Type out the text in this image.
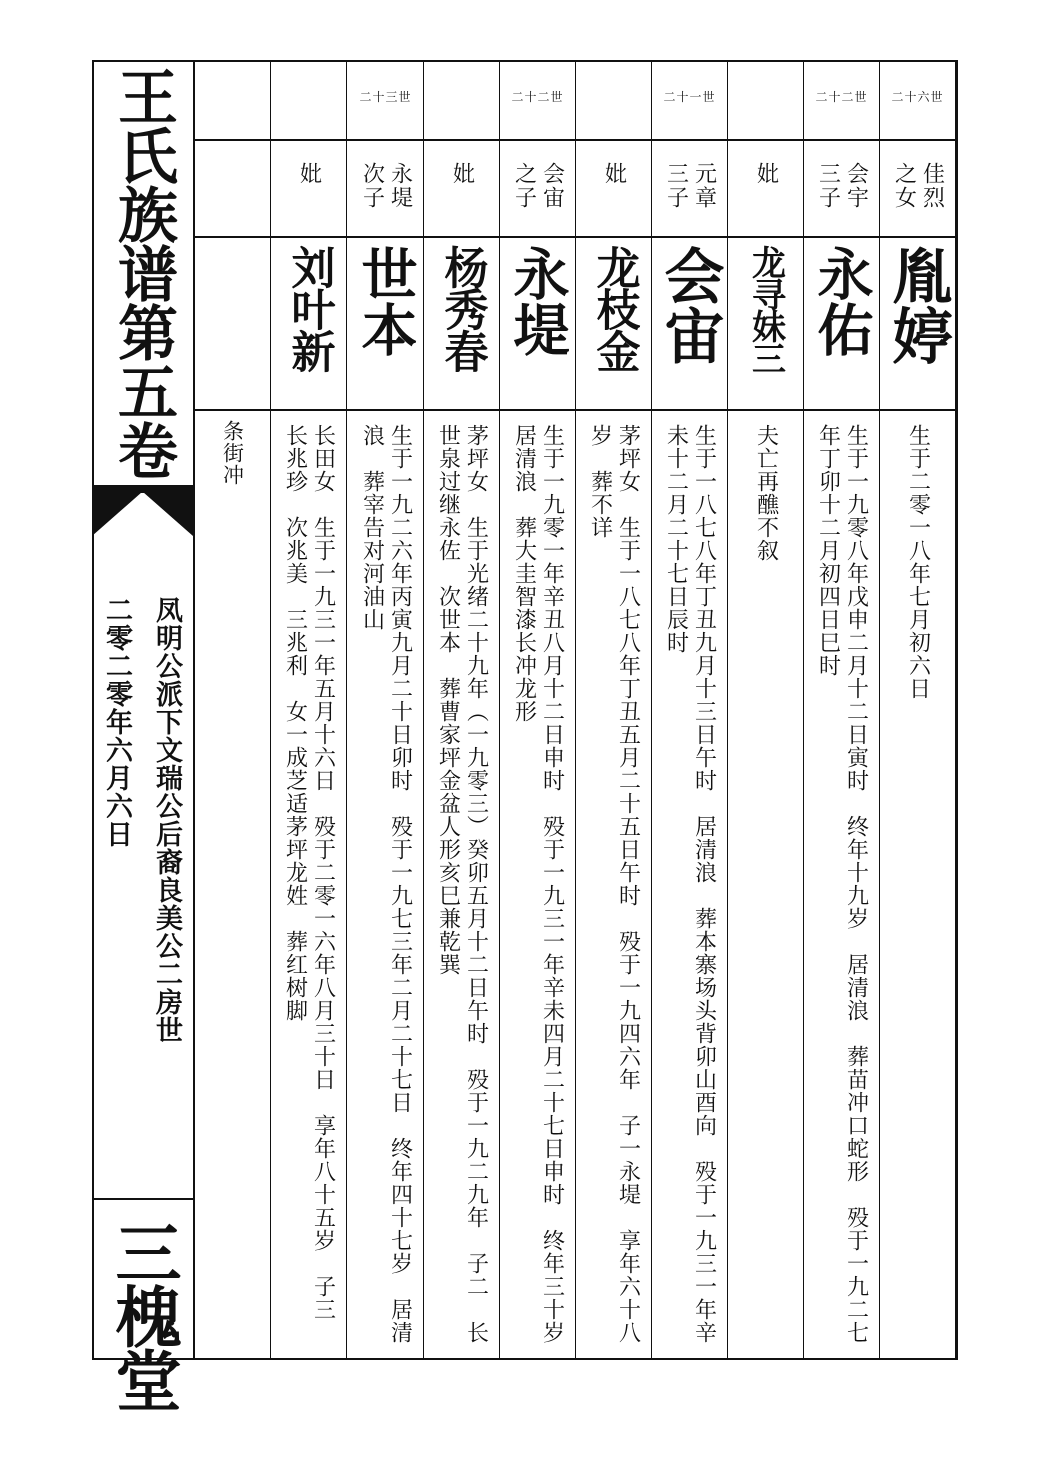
王氏族谱第五卷
凤明公派下文瑞公后裔良美公二房世
二零二零年六月六日
三槐堂
二十六世
佳烈之女
胤婷
生于二零一八年七月初六日
二十二世
会宇三子
永佑
生于一九零八年戊申二月十二日寅时　终年十九岁　居清浪　葬苗冲口蛇形　殁于一九二七年丁卯十二月初四日巳时
妣
龙寻妹三
夫亡再醮不叙
二十一世
元章三子
会宙
生于一八七八年丁丑九月十三日午时　居清浪　葬本寨场头背卯山酉向　殁于一九三一年辛未十二月二十七日辰时
妣
龙枝金
茅坪女　生于一八七八年丁丑五月二十五日午时　殁于一九四六年　子一永堤　享年六十八岁　葬不详
二十二世
会宙之子
永堤
生于一九零一年辛丑八月十二日申时　殁于一九三一年辛未四月二十七日申时　终年三十岁　居清浪　葬大圭智漆长冲龙形
妣
杨秀春
茅坪女　生于光绪二十九年（一九零三）癸卯五月十二日午时　殁于一九二九年　子二　长世泉过继永佐　次世本　葬曹家坪金盆人形亥巳兼乾巽
二十三世
永堤次子
世本
生于一九二六年丙寅九月二十日卯时　殁于一九七三年二月二十七日　终年四十七岁　居清浪　葬宰告对河油山
妣
刘叶新
长田女　生于一九三一年五月十六日　殁于二零一六年八月三十日　享年八十五岁　子三　长兆珍　次兆美　三兆利　女一成芝适茅坪龙姓　葬红树脚
条街冲
